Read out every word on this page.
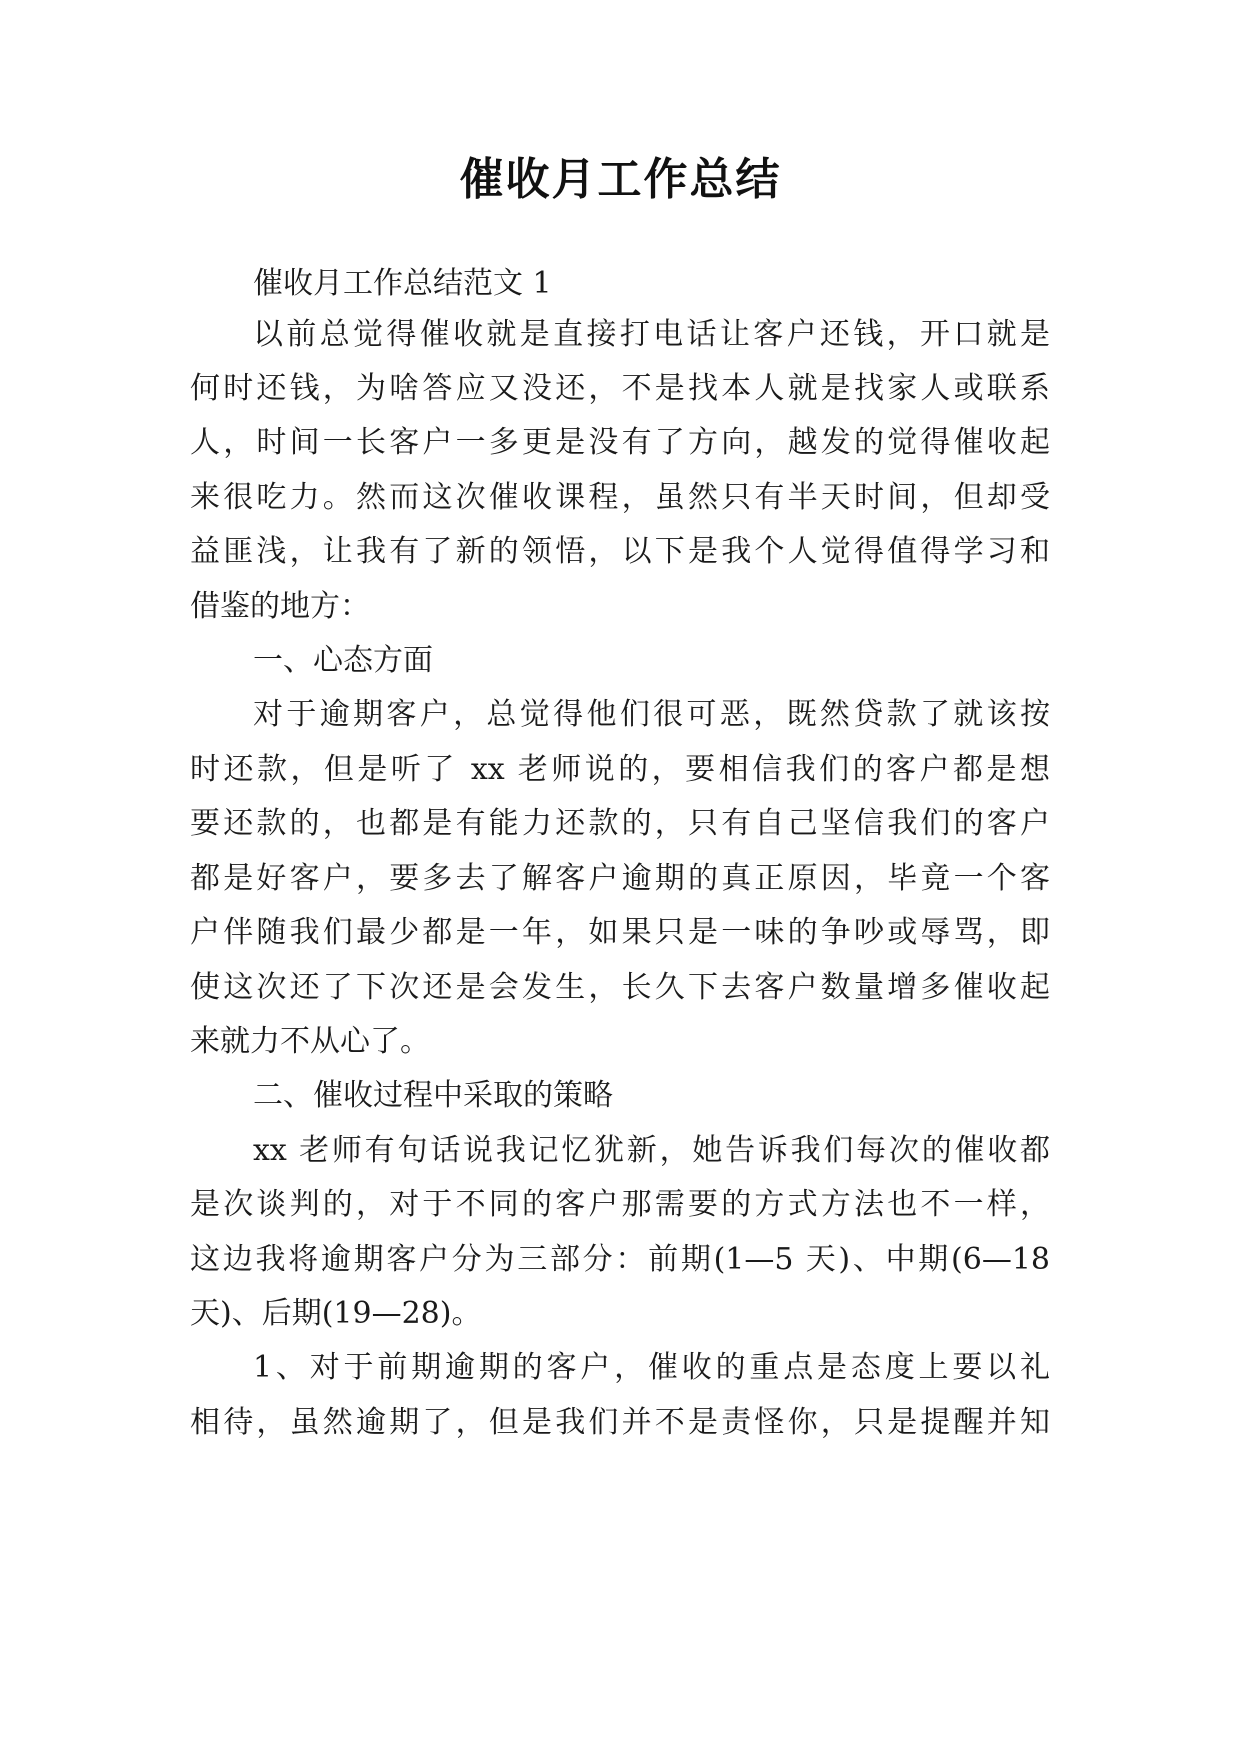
催收月工作总结
催收月工作总结范文 1
以前总觉得催收就是直接打电话让客户还钱，开口就是
何时还钱，为啥答应又没还，不是找本人就是找家人或联系
人，时间一长客户一多更是没有了方向，越发的觉得催收起
来很吃力。然而这次催收课程，虽然只有半天时间，但却受
益匪浅，让我有了新的领悟，以下是我个人觉得值得学习和
借鉴的地方：
一、心态方面
对于逾期客户，总觉得他们很可恶，既然贷款了就该按
时还款，但是听了 xx 老师说的，要相信我们的客户都是想
要还款的，也都是有能力还款的，只有自己坚信我们的客户
都是好客户，要多去了解客户逾期的真正原因，毕竟一个客
户伴随我们最少都是一年，如果只是一味的争吵或辱骂，即
使这次还了下次还是会发生，长久下去客户数量增多催收起
来就力不从心了。
二、催收过程中采取的策略
xx 老师有句话说我记忆犹新，她告诉我们每次的催收都
是次谈判的，对于不同的客户那需要的方式方法也不一样，
这边我将逾期客户分为三部分：前期(1—5 天)、中期(6—18
天)、后期(19—28)。
1、对于前期逾期的客户，催收的重点是态度上要以礼
相待，虽然逾期了，但是我们并不是责怪你，只是提醒并知
